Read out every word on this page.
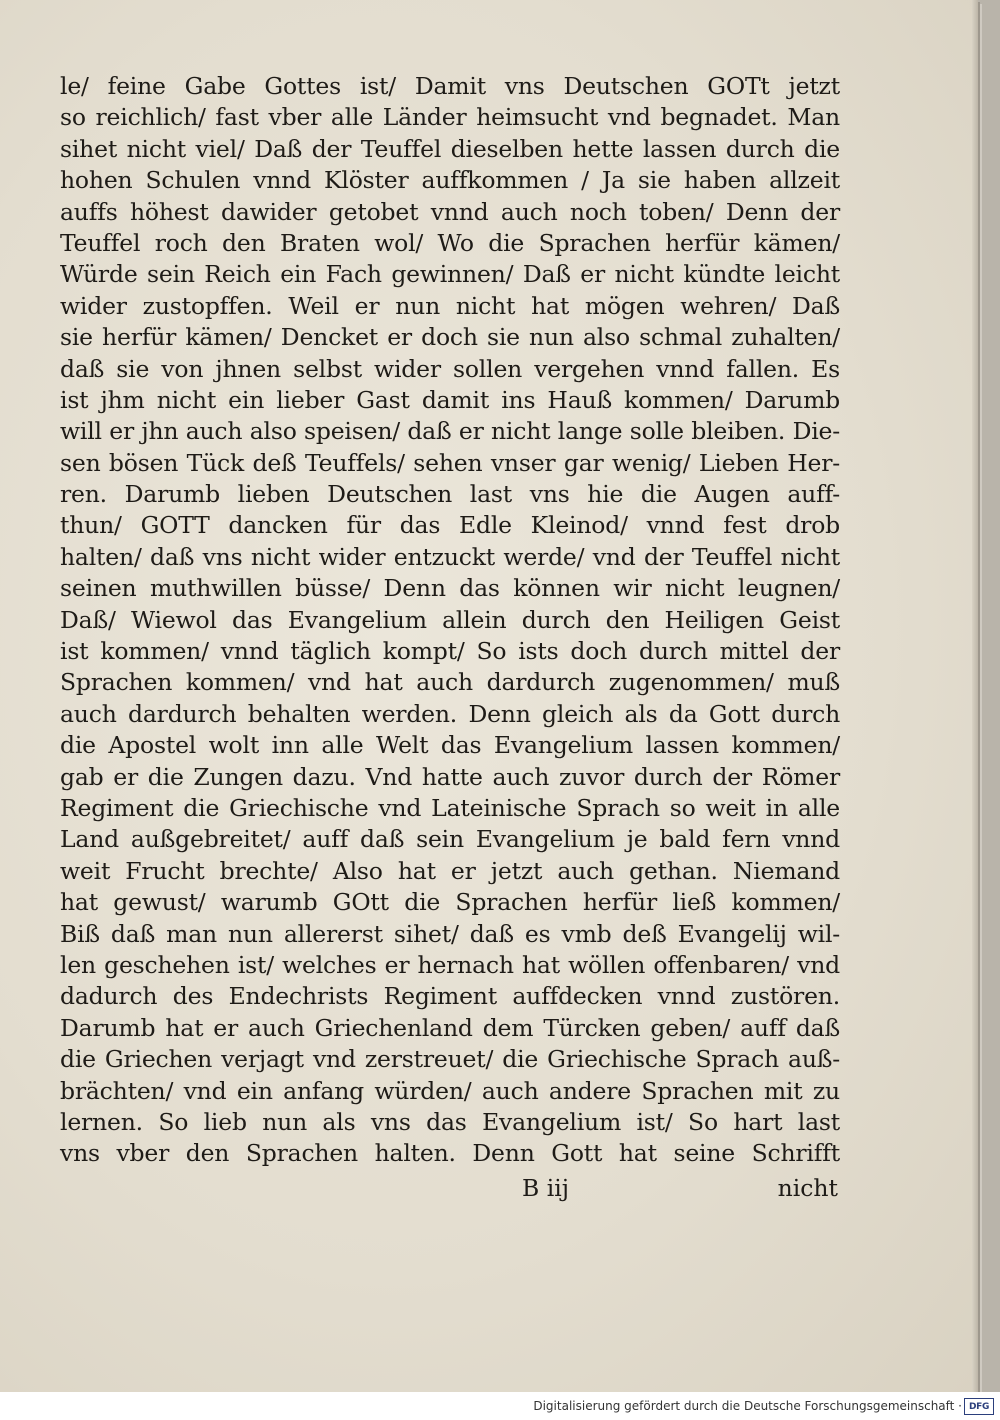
le/ feine Gabe Gottes ist/ Damit vns Deutschen GOTt jetzt
so reichlich/ fast vber alle Länder heimsucht vnd begnadet. Man
sihet nicht viel/ Daß der Teuffel dieselben hette lassen durch die
hohen Schulen vnnd Klöster auffkommen / Ja sie haben allzeit
auffs höhest dawider getobet vnnd auch noch toben/ Denn der
Teuffel roch den Braten wol/ Wo die Sprachen herfür kämen/
Würde sein Reich ein Fach gewinnen/ Daß er nicht kündte leicht
wider zustopffen. Weil er nun nicht hat mögen wehren/ Daß
sie herfür kämen/ Dencket er doch sie nun also schmal zuhalten/
daß sie von jhnen selbst wider sollen vergehen vnnd fallen. Es
ist jhm nicht ein lieber Gast damit ins Hauß kommen/ Darumb
will er jhn auch also speisen/ daß er nicht lange solle bleiben. Die-
sen bösen Tück deß Teuffels/ sehen vnser gar wenig/ Lieben Her-
ren. Darumb lieben Deutschen last vns hie die Augen auff-
thun/ GOTT dancken für das Edle Kleinod/ vnnd fest drob
halten/ daß vns nicht wider entzuckt werde/ vnd der Teuffel nicht
seinen muthwillen büsse/ Denn das können wir nicht leugnen/
Daß/ Wiewol das Evangelium allein durch den Heiligen Geist
ist kommen/ vnnd täglich kompt/ So ists doch durch mittel der
Sprachen kommen/ vnd hat auch dardurch zugenommen/ muß
auch dardurch behalten werden. Denn gleich als da Gott durch
die Apostel wolt inn alle Welt das Evangelium lassen kommen/
gab er die Zungen dazu. Vnd hatte auch zuvor durch der Römer
Regiment die Griechische vnd Lateinische Sprach so weit in alle
Land außgebreitet/ auff daß sein Evangelium je bald fern vnnd
weit Frucht brechte/ Also hat er jetzt auch gethan. Niemand
hat gewust/ warumb GOtt die Sprachen herfür ließ kommen/
Biß daß man nun allererst sihet/ daß es vmb deß Evangelij wil-
len geschehen ist/ welches er hernach hat wöllen offenbaren/ vnd
dadurch des Endechrists Regiment auffdecken vnnd zustören.
Darumb hat er auch Griechenland dem Türcken geben/ auff daß
die Griechen verjagt vnd zerstreuet/ die Griechische Sprach auß-
brächten/ vnd ein anfang würden/ auch andere Sprachen mit zu
lernen. So lieb nun als vns das Evangelium ist/ So hart last
vns vber den Sprachen halten. Denn Gott hat seine Schrifft
B iij	nicht
Digitalisierung gefördert durch die Deutsche Forschungsgemeinschaft · DFG
